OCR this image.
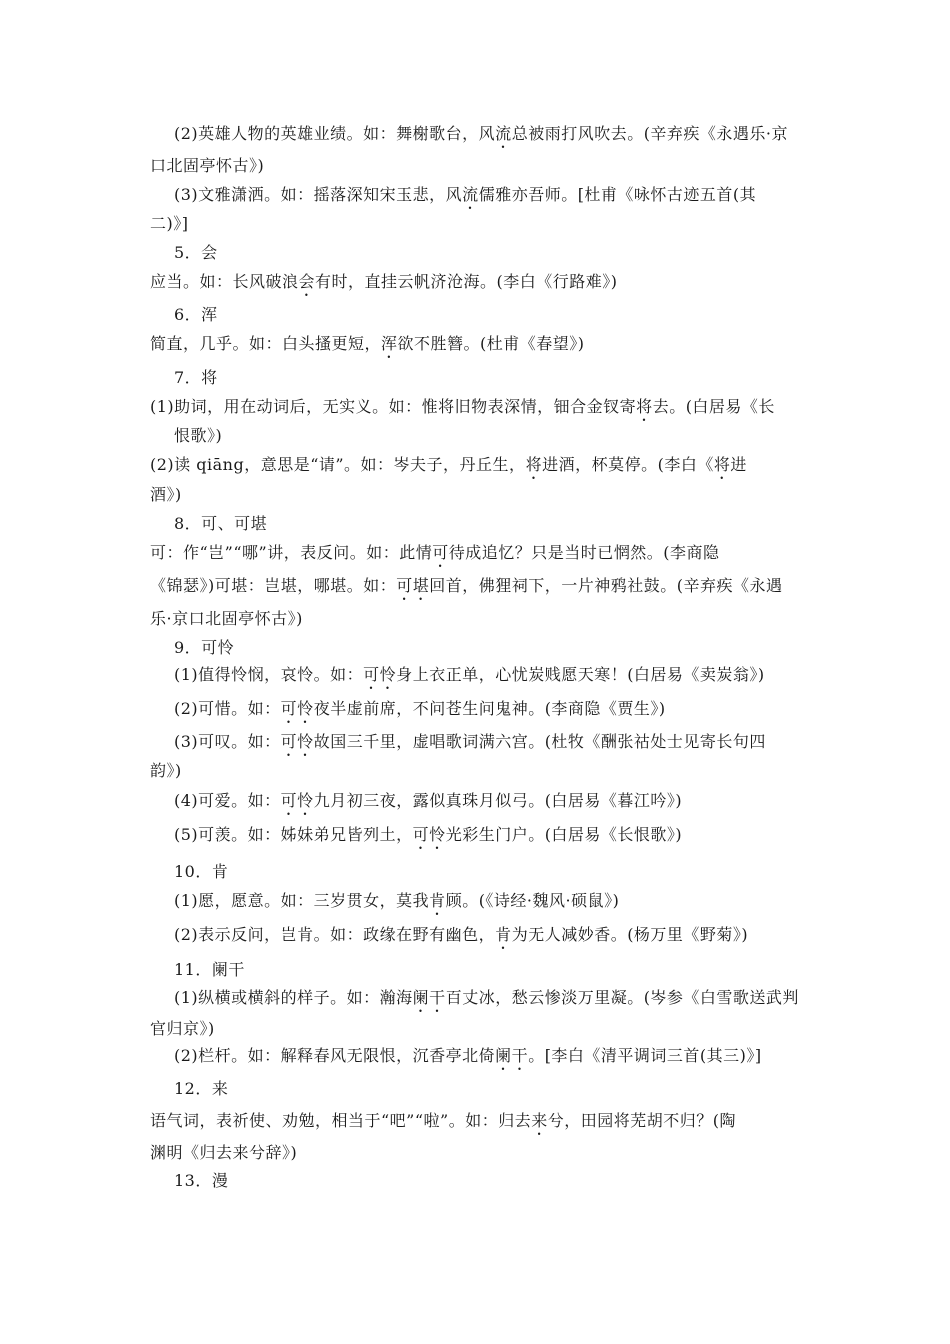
(2)英雄人物的英雄业绩。如：舞榭歌台，风流总被雨打风吹去。(辛弃疾《永遇乐·京
口北固亭怀古》)
(3)文雅潇洒。如：摇落深知宋玉悲，风流儒雅亦吾师。[杜甫《咏怀古迹五首(其
二)》]
5．会
应当。如：长风破浪会有时，直挂云帆济沧海。(李白《行路难》)
6．浑
简直，几乎。如：白头搔更短，浑欲不胜簪。(杜甫《春望》)
7．将
(1)助词，用在动词后，无实义。如：惟将旧物表深情，钿合金钗寄将去。(白居易《长
恨歌》)
(2)读 qiāng，意思是“请”。如：岑夫子，丹丘生，将进酒，杯莫停。(李白《将进
酒》)
8．可、可堪
可：作“岂”“哪”讲，表反问。如：此情可待成追忆？只是当时已惘然。(李商隐
《锦瑟》)可堪：岂堪，哪堪。如：可堪回首，佛狸祠下，一片神鸦社鼓。(辛弃疾《永遇
乐·京口北固亭怀古》)
9．可怜
(1)值得怜悯，哀怜。如：可怜身上衣正单，心忧炭贱愿天寒！(白居易《卖炭翁》)
(2)可惜。如：可怜夜半虚前席，不问苍生问鬼神。(李商隐《贾生》)
(3)可叹。如：可怜故国三千里，虚唱歌词满六宫。(杜牧《酬张祜处士见寄长句四
韵》)
(4)可爱。如：可怜九月初三夜，露似真珠月似弓。(白居易《暮江吟》)
(5)可羡。如：姊妹弟兄皆列土，可怜光彩生门户。(白居易《长恨歌》)
10．肯
(1)愿，愿意。如：三岁贯女，莫我肯顾。(《诗经·魏风·硕鼠》)
(2)表示反问，岂肯。如：政缘在野有幽色，肯为无人减妙香。(杨万里《野菊》)
11．阑干
(1)纵横或横斜的样子。如：瀚海阑干百丈冰，愁云惨淡万里凝。(岑参《白雪歌送武判
官归京》)
(2)栏杆。如：解释春风无限恨，沉香亭北倚阑干。[李白《清平调词三首(其三)》]
12．来
语气词，表祈使、劝勉，相当于“吧”“啦”。如：归去来兮，田园将芜胡不归？(陶
渊明《归去来兮辞》)
13．漫
